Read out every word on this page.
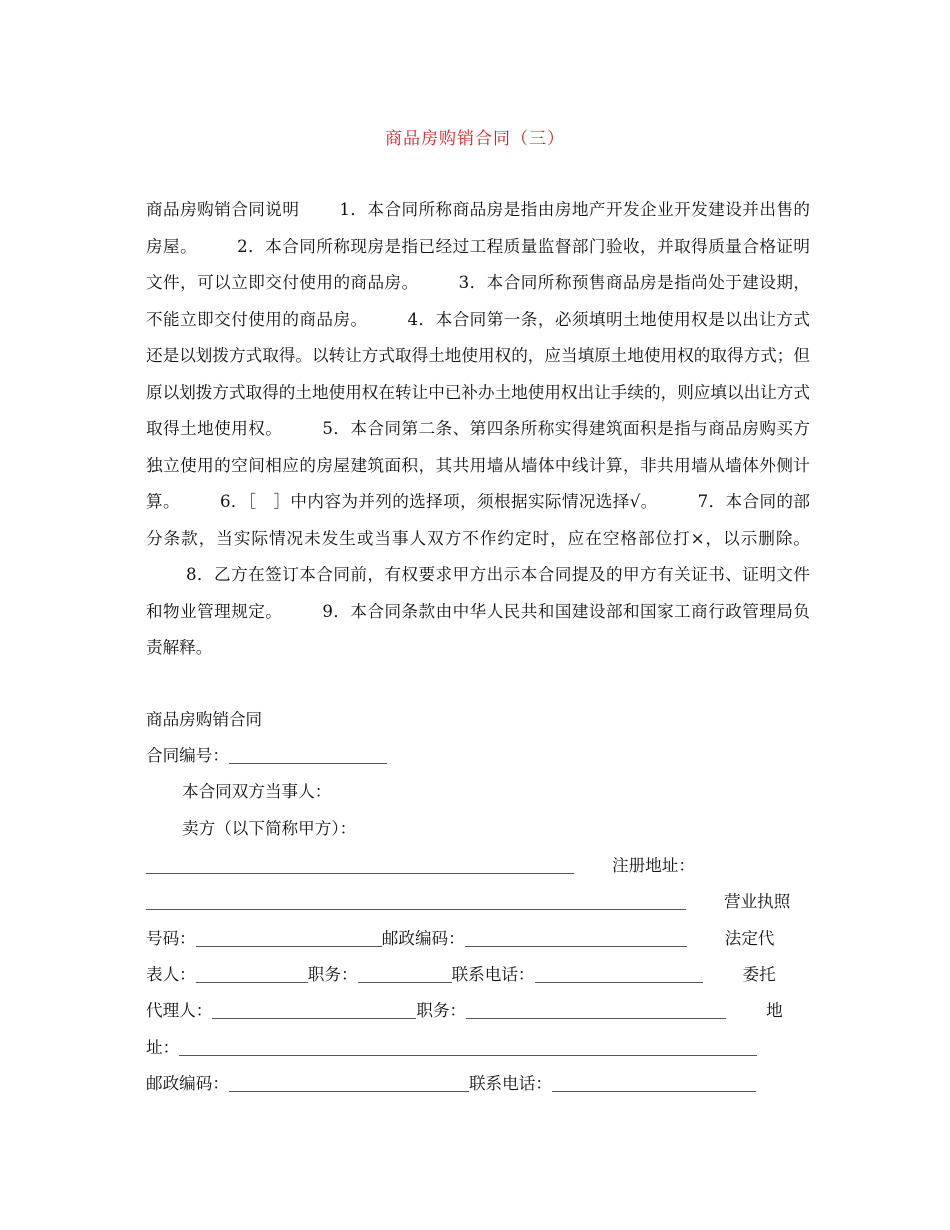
商品房购销合同（三）

商品房购销合同说明 1．本合同所称商品房是指由房地产开发企业开发建设并出售的房屋。 2．本合同所称现房是指已经过工程质量监督部门验收，并取得质量合格证明文件，可以立即交付使用的商品房。 3．本合同所称预售商品房是指尚处于建设期，不能立即交付使用的商品房。 4．本合同第一条，必须填明土地使用权是以出让方式还是以划拨方式取得。以转让方式取得土地使用权的，应当填原土地使用权的取得方式；但原以划拨方式取得的土地使用权在转让中已补办土地使用权出让手续的，则应填以出让方式取得土地使用权。 5．本合同第二条、第四条所称实得建筑面积是指与商品房购买方独立使用的空间相应的房屋建筑面积，其共用墙从墙体中线计算，非共用墙从墙体外侧计算。 6．［　］中内容为并列的选择项，须根据实际情况选择√。 7．本合同的部分条款，当实际情况未发生或当事人双方不作约定时，应在空格部位打×，以示删除。8．乙方在签订本合同前，有权要求甲方出示本合同提及的甲方有关证书、证明文件和物业管理规定。 9．本合同条款由中华人民共和国建设部和国家工商行政管理局负责解释。

商品房购销合同
合同编号：
本合同双方当事人：
卖方（以下简称甲方）：
注册地址：
营业执照
号码：	邮政编码：	法定代
表人：	职务：	联系电话：	委托
代理人：	职务：	地
址：
邮政编码：	联系电话：
